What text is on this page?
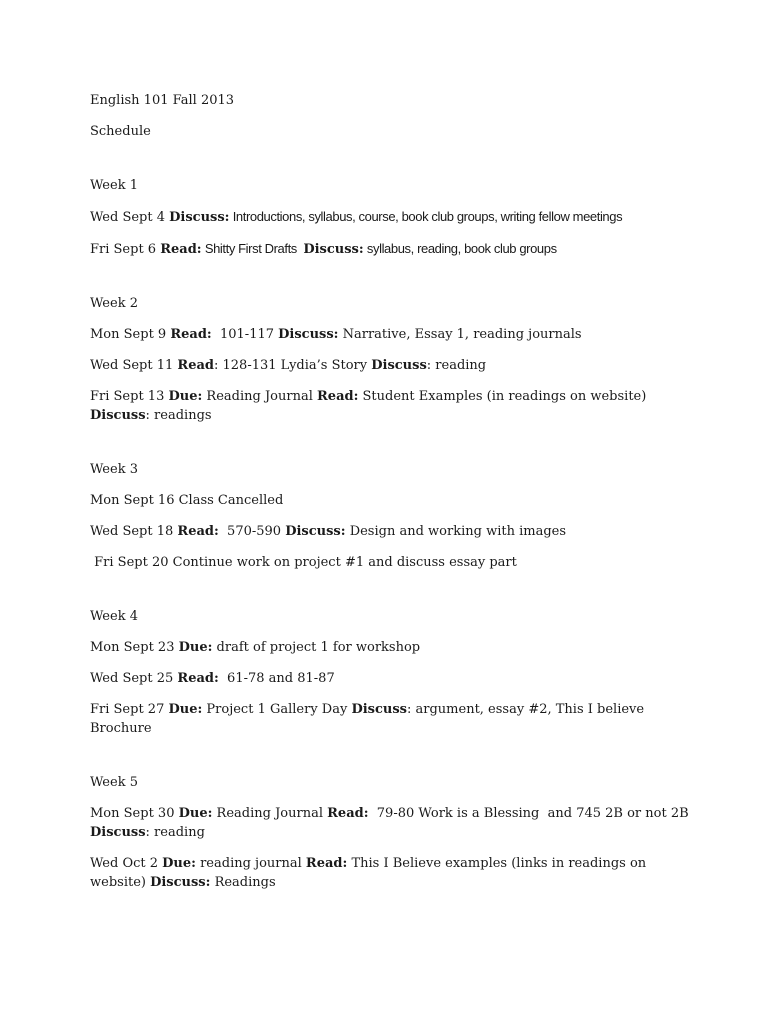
English 101 Fall 2013

Schedule

Week 1

Wed Sept 4 Discuss: Introductions, syllabus, course, book club groups, writing fellow meetings

Fri Sept 6 Read: Shitty First Drafts  Discuss: syllabus, reading, book club groups

Week 2

Mon Sept 9 Read:  101-117 Discuss: Narrative, Essay 1, reading journals

Wed Sept 11 Read: 128-131 Lydia’s Story Discuss: reading

Fri Sept 13 Due: Reading Journal Read: Student Examples (in readings on website) Discuss: readings

Week 3

Mon Sept 16 Class Cancelled

Wed Sept 18 Read:  570-590 Discuss: Design and working with images

Fri Sept 20 Continue work on project #1 and discuss essay part

Week 4

Mon Sept 23 Due: draft of project 1 for workshop

Wed Sept 25 Read:  61-78 and 81-87

Fri Sept 27 Due: Project 1 Gallery Day Discuss: argument, essay #2, This I believe Brochure

Week 5

Mon Sept 30 Due: Reading Journal Read:  79-80 Work is a Blessing  and 745 2B or not 2B Discuss: reading

Wed Oct 2 Due: reading journal Read: This I Believe examples (links in readings on website) Discuss: Readings
